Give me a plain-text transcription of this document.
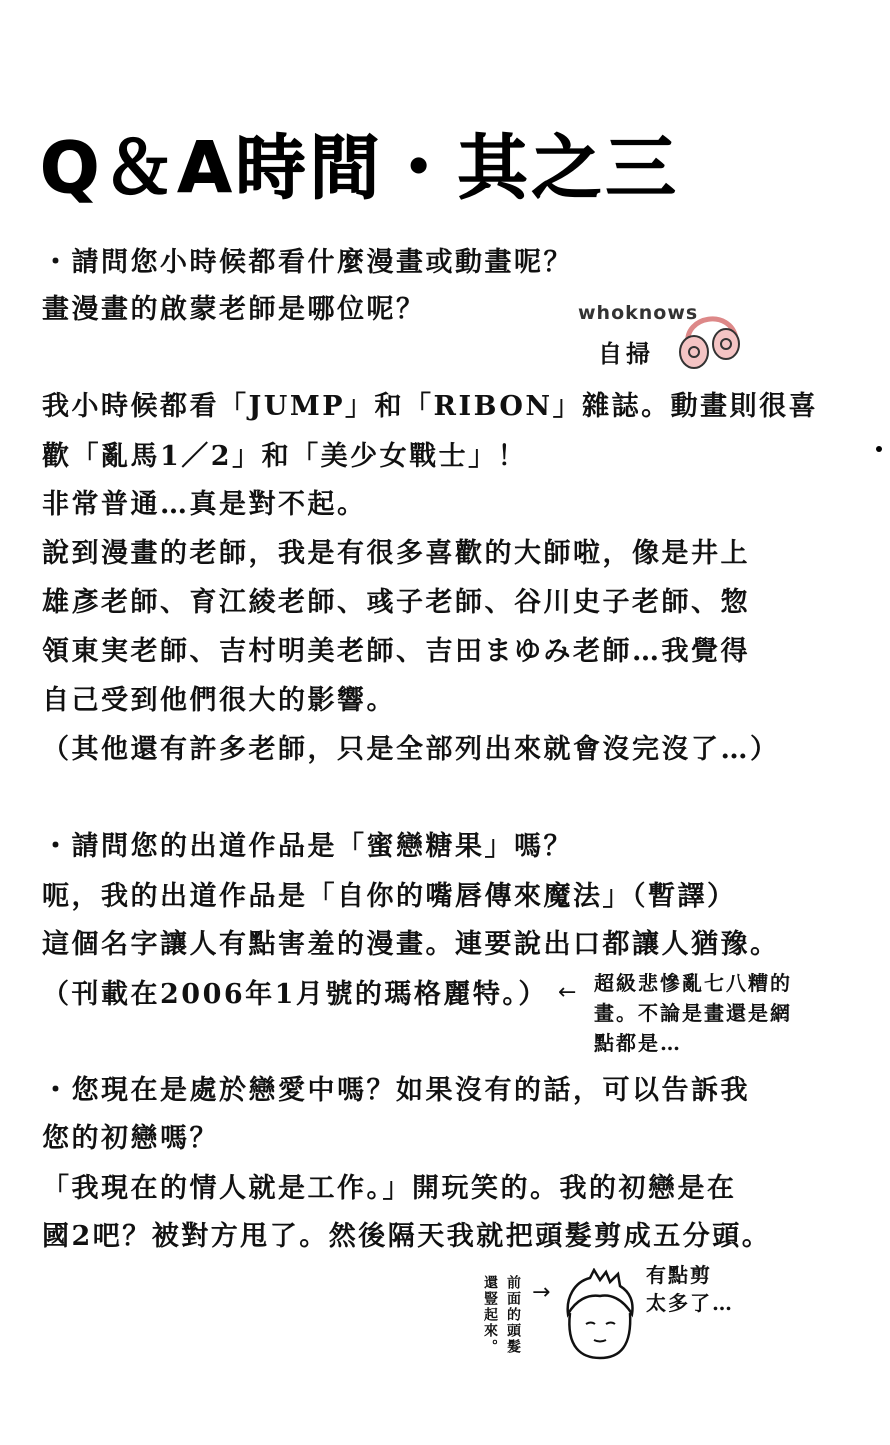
Q＆A時間・其之三
whoknows
自掃
・請問您小時候都看什麼漫畫或動畫呢？
畫漫畫的啟蒙老師是哪位呢？
我小時候都看「JUMP」和「RIBON」雜誌。動畫則很喜
歡「亂馬1／2」和「美少女戰士」！
非常普通…真是對不起。
說到漫畫的老師，我是有很多喜歡的大師啦，像是井上
雄彥老師、育江綾老師、彧子老師、谷川史子老師、惣
領東実老師、吉村明美老師、吉田まゆみ老師…我覺得
自己受到他們很大的影響。
（其他還有許多老師，只是全部列出來就會沒完沒了…）
・請問您的出道作品是「蜜戀糖果」嗎？
呃，我的出道作品是「自你的嘴唇傳來魔法」（暫譯）
這個名字讓人有點害羞的漫畫。連要說出口都讓人猶豫。
（刊載在2006年1月號的瑪格麗特。） ← 超級悲慘亂七八糟的
畫。不論是畫還是網
點都是…
・您現在是處於戀愛中嗎？如果沒有的話，可以告訴我
您的初戀嗎？
「我現在的情人就是工作。」開玩笑的。我的初戀是在
國2吧？被對方甩了。然後隔天我就把頭髮剪成五分頭。
前面的頭髮
還豎起來。 →
有點剪
太多了…
